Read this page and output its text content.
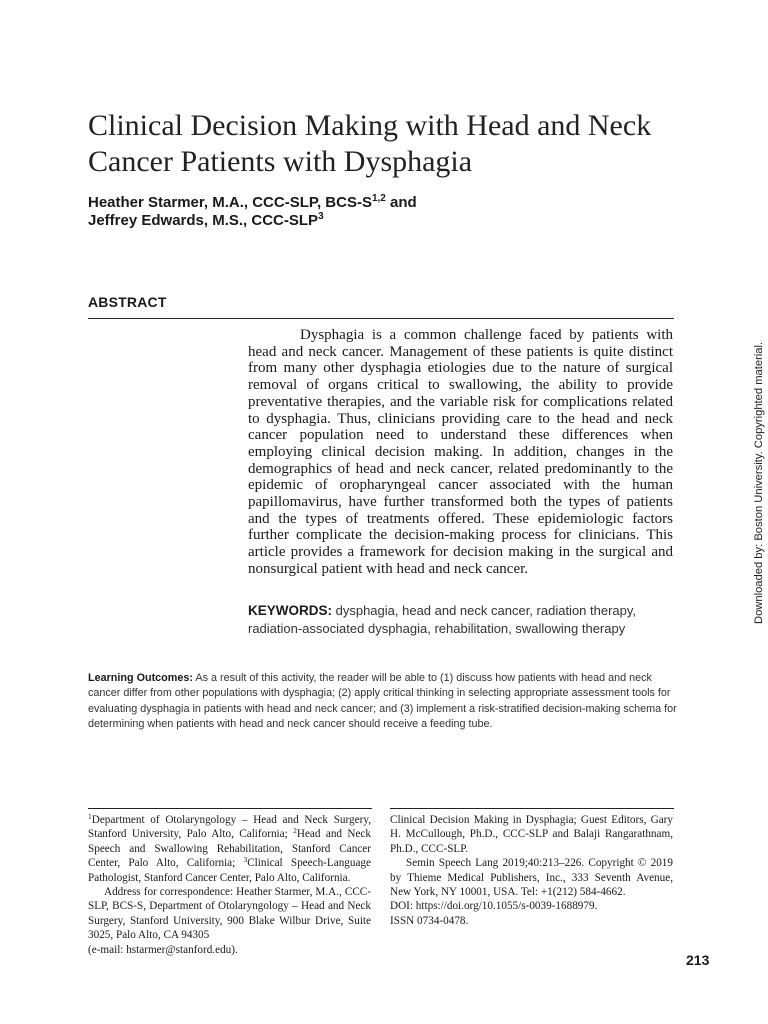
Clinical Decision Making with Head and Neck Cancer Patients with Dysphagia
Heather Starmer, M.A., CCC-SLP, BCS-$S^{1,2}$ and
Jeffrey Edwards, M.S., CCC-SLP$^3$
ABSTRACT
Dysphagia is a common challenge faced by patients with head and neck cancer. Management of these patients is quite distinct from many other dysphagia etiologies due to the nature of surgical removal of organs critical to swallowing, the ability to provide preventative therapies, and the variable risk for complications related to dysphagia. Thus, clinicians providing care to the head and neck cancer population need to understand these differences when employing clinical decision making. In addition, changes in the demographics of head and neck cancer, related predominantly to the epidemic of oropharyngeal cancer associated with the human papillomavirus, have further transformed both the types of patients and the types of treatments offered. These epidemiologic factors further complicate the decision-making process for clinicians. This article provides a framework for decision making in the surgical and nonsurgical patient with head and neck cancer.
KEYWORDS: dysphagia, head and neck cancer, radiation therapy, radiation-associated dysphagia, rehabilitation, swallowing therapy
Downloaded by: Boston University. Copyrighted material.
Learning Outcomes: As a result of this activity, the reader will be able to (1) discuss how patients with head and neck cancer differ from other populations with dysphagia; (2) apply critical thinking in selecting appropriate assessment tools for evaluating dysphagia in patients with head and neck cancer; and (3) implement a risk-stratified decision-making schema for determining when patients with head and neck cancer should receive a feeding tube.

$^1$Department of Otolaryngology – Head and Neck Surgery, Stanford University, Palo Alto, California; $^2$Head and Neck Speech and Swallowing Rehabilitation, Stanford Cancer Center, Palo Alto, California; $^3$Clinical Speech-Language Pathologist, Stanford Cancer Center, Palo Alto, California.

Address for correspondence: Heather Starmer, M.A., CCC-SLP, BCS-S, Department of Otolaryngology – Head and Neck Surgery, Stanford University, 900 Blake Wilbur Drive, Suite 3025, Palo Alto, CA 94305

(e-mail: hstarmer@stanford.edu).

Clinical Decision Making in Dysphagia; Guest Editors, Gary H. McCullough, Ph.D., CCC-SLP and Balaji Rangarathnam, Ph.D., CCC-SLP.

Semin Speech Lang 2019;40:213–226. Copyright © 2019 by Thieme Medical Publishers, Inc., 333 Seventh Avenue, New York, NY 10001, USA. Tel: +1(212) 584-4662.

DOI: https://doi.org/10.1055/s-0039-1688979.

ISSN 0734-0478.

213
